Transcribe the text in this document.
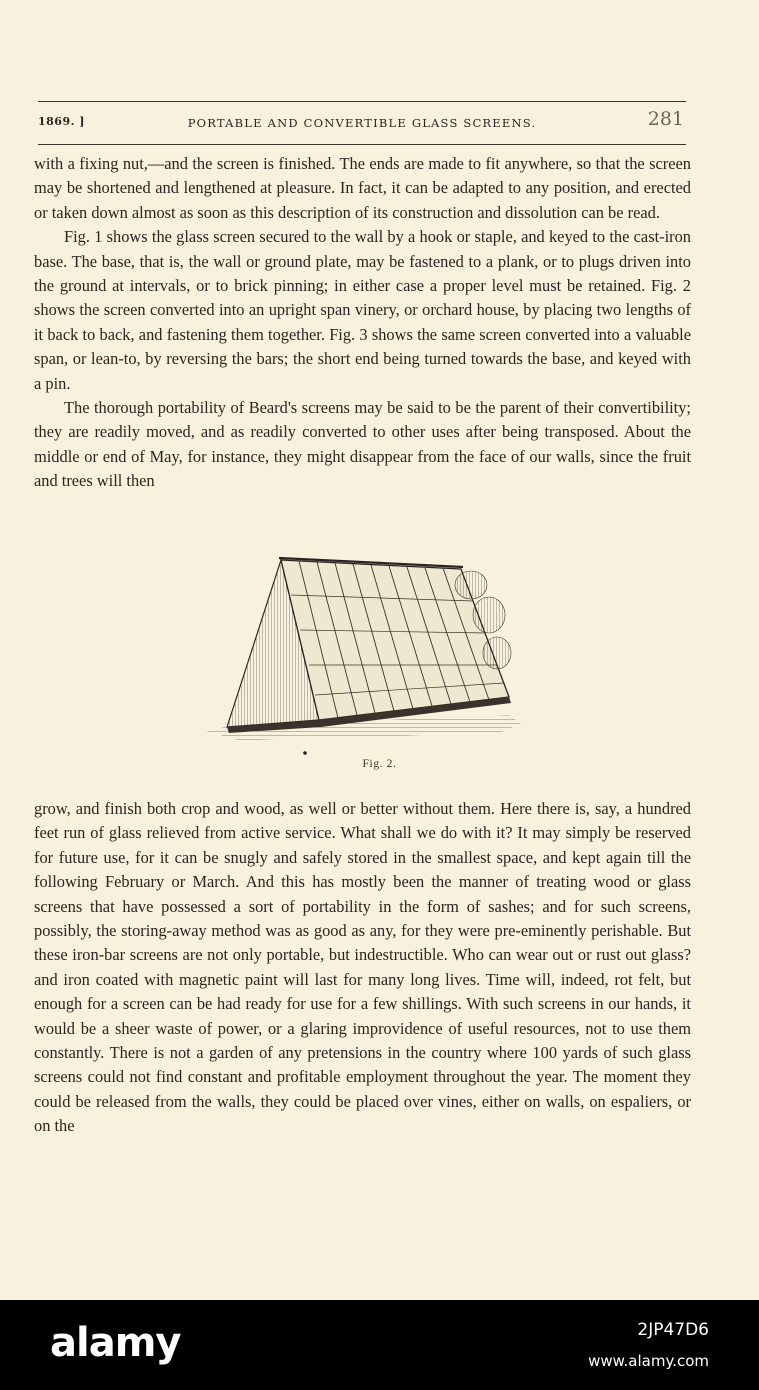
1869. ]	PORTABLE AND CONVERTIBLE GLASS SCREENS.	281
with a fixing nut,—and the screen is finished. The ends are made to fit anywhere, so that the screen may be shortened and lengthened at pleasure. In fact, it can be adapted to any position, and erected or taken down almost as soon as this description of its construction and dissolution can be read.
Fig. 1 shows the glass screen secured to the wall by a hook or staple, and keyed to the cast-iron base. The base, that is, the wall or ground plate, may be fastened to a plank, or to plugs driven into the ground at intervals, or to brick pinning; in either case a proper level must be retained. Fig. 2 shows the screen converted into an upright span vinery, or orchard house, by placing two lengths of it back to back, and fastening them together. Fig. 3 shows the same screen converted into a valuable span, or lean-to, by reversing the bars; the short end being turned towards the base, and keyed with a pin.
The thorough portability of Beard's screens may be said to be the parent of their convertibility; they are readily moved, and as readily converted to other uses after being transposed. About the middle or end of May, for instance, they might disappear from the face of our walls, since the fruit and trees will then
Fig. 2.
grow, and finish both crop and wood, as well or better without them. Here there is, say, a hundred feet run of glass relieved from active service. What shall we do with it? It may simply be reserved for future use, for it can be snugly and safely stored in the smallest space, and kept again till the following February or March. And this has mostly been the manner of treating wood or glass screens that have possessed a sort of portability in the form of sashes; and for such screens, possibly, the storing-away method was as good as any, for they were pre-eminently perishable. But these iron-bar screens are not only portable, but indestructible. Who can wear out or rust out glass? and iron coated with magnetic paint will last for many long lives. Time will, indeed, rot felt, but enough for a screen can be had ready for use for a few shillings. With such screens in our hands, it would be a sheer waste of power, or a glaring improvidence of useful resources, not to use them constantly. There is not a garden of any pretensions in the country where 100 yards of such glass screens could not find constant and profitable employment throughout the year. The moment they could be released from the walls, they could be placed over vines, either on walls, on espaliers, or on the
alamy	2JP47D6
www.alamy.com
